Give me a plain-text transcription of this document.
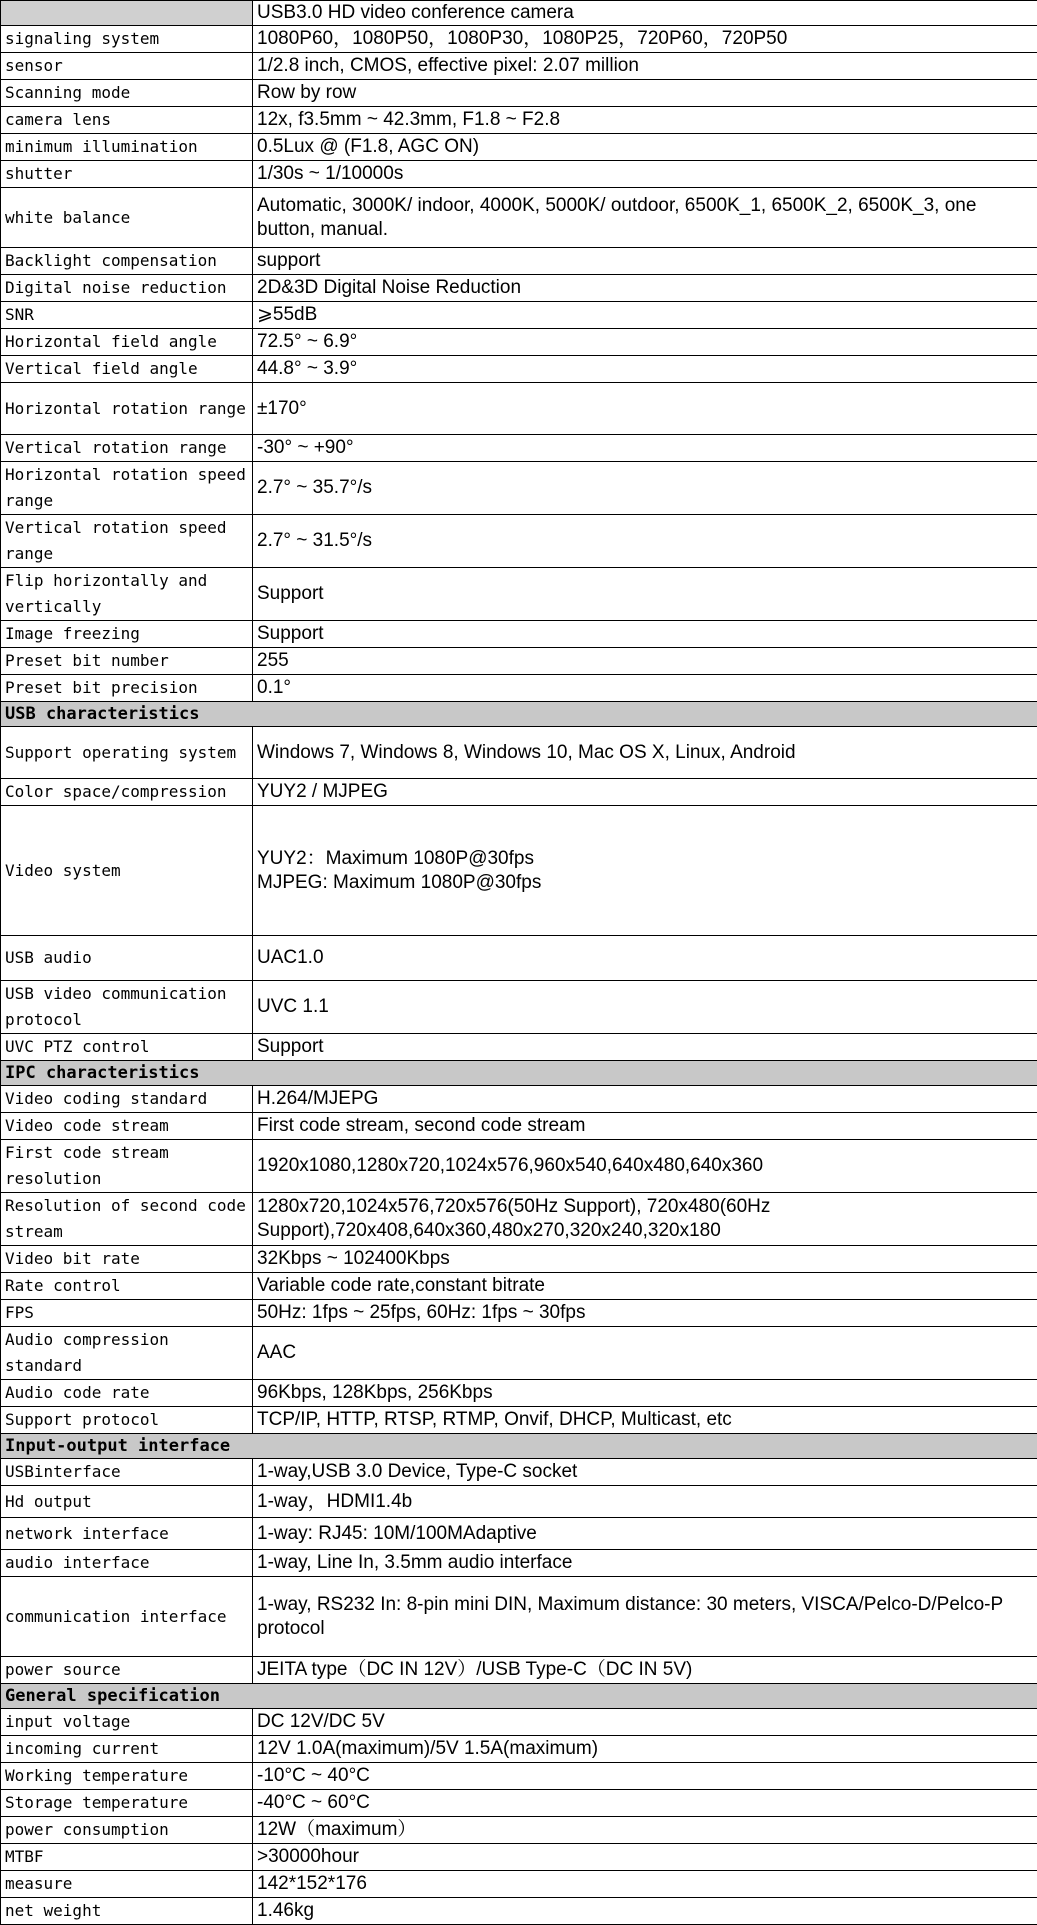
	USB3.0 HD video conference camera
signaling system	1080P60，1080P50，1080P30，1080P25，720P60，720P50
sensor	1/2.8 inch, CMOS, effective pixel: 2.07 million
Scanning mode	Row by row
camera lens	12x, f3.5mm ~ 42.3mm, F1.8 ~ F2.8
minimum illumination	0.5Lux @ (F1.8, AGC ON)
shutter	1/30s ~ 1/10000s
white balance	Automatic, 3000K/ indoor, 4000K, 5000K/ outdoor, 6500K_1, 6500K_2, 6500K_3, one button, manual.
Backlight compensation	support
Digital noise reduction	2D&3D Digital Noise Reduction
SNR	⩾55dB
Horizontal field angle	72.5° ~ 6.9°
Vertical field angle	44.8° ~ 3.9°
Horizontal rotation range	±170°
Vertical rotation range	-30° ~ +90°
Horizontal rotation speed range	2.7° ~ 35.7°/s
Vertical rotation speed range	2.7° ~ 31.5°/s
Flip horizontally and vertically	Support
Image freezing	Support
Preset bit number	255
Preset bit precision	0.1°
USB characteristics	
Support operating system	Windows 7, Windows 8, Windows 10, Mac OS X, Linux, Android
Color space/compression	YUY2 / MJPEG
Video system	YUY2：Maximum 1080P@30fps
MJPEG: Maximum 1080P@30fps
USB audio	UAC1.0
USB video communication protocol	UVC 1.1
UVC PTZ control	Support
IPC characteristics	
Video coding standard	H.264/MJEPG
Video code stream	First code stream, second code stream
First code stream resolution	1920x1080,1280x720,1024x576,960x540,640x480,640x360
Resolution of second code stream	1280x720,1024x576,720x576(50Hz Support), 720x480(60Hz Support),720x408,640x360,480x270,320x240,320x180
Video bit rate	32Kbps ~ 102400Kbps
Rate control	Variable code rate,constant bitrate
FPS	50Hz: 1fps ~ 25fps, 60Hz: 1fps ~ 30fps
Audio compression standard	AAC
Audio code rate	96Kbps, 128Kbps, 256Kbps
Support protocol	TCP/IP, HTTP, RTSP, RTMP, Onvif, DHCP, Multicast, etc
Input-output interface	
USBinterface	1-way,USB 3.0 Device, Type-C socket
Hd output	1-way，HDMI1.4b
network interface	1-way: RJ45: 10M/100MAdaptive
audio interface	1-way, Line In, 3.5mm audio interface
communication interface	1-way, RS232 In: 8-pin mini DIN, Maximum distance: 30 meters, VISCA/Pelco-D/Pelco-P protocol
power source	JEITA type（DC IN 12V）/USB Type-C（DC IN 5V)
General specification	
input voltage	DC 12V/DC 5V
incoming current	12V 1.0A(maximum)/5V 1.5A(maximum)
Working temperature	-10°C ~ 40°C
Storage temperature	-40°C ~ 60°C
power consumption	12W（maximum）
MTBF	>30000hour
measure	142*152*176
net weight	1.46kg
